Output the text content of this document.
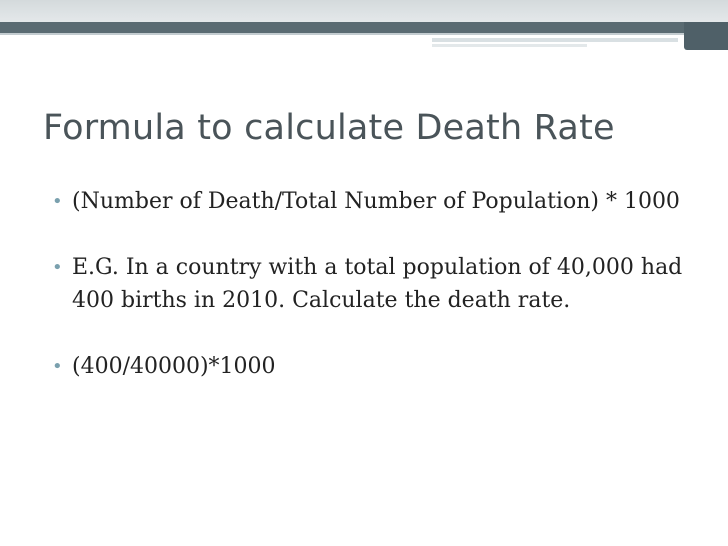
Formula to calculate Death Rate
• (Number of Death/Total Number of Population) * 1000
• E.G. In a country with a total population of 40,000 had 400 births in 2010. Calculate the death rate.
• (400/40000)*1000
